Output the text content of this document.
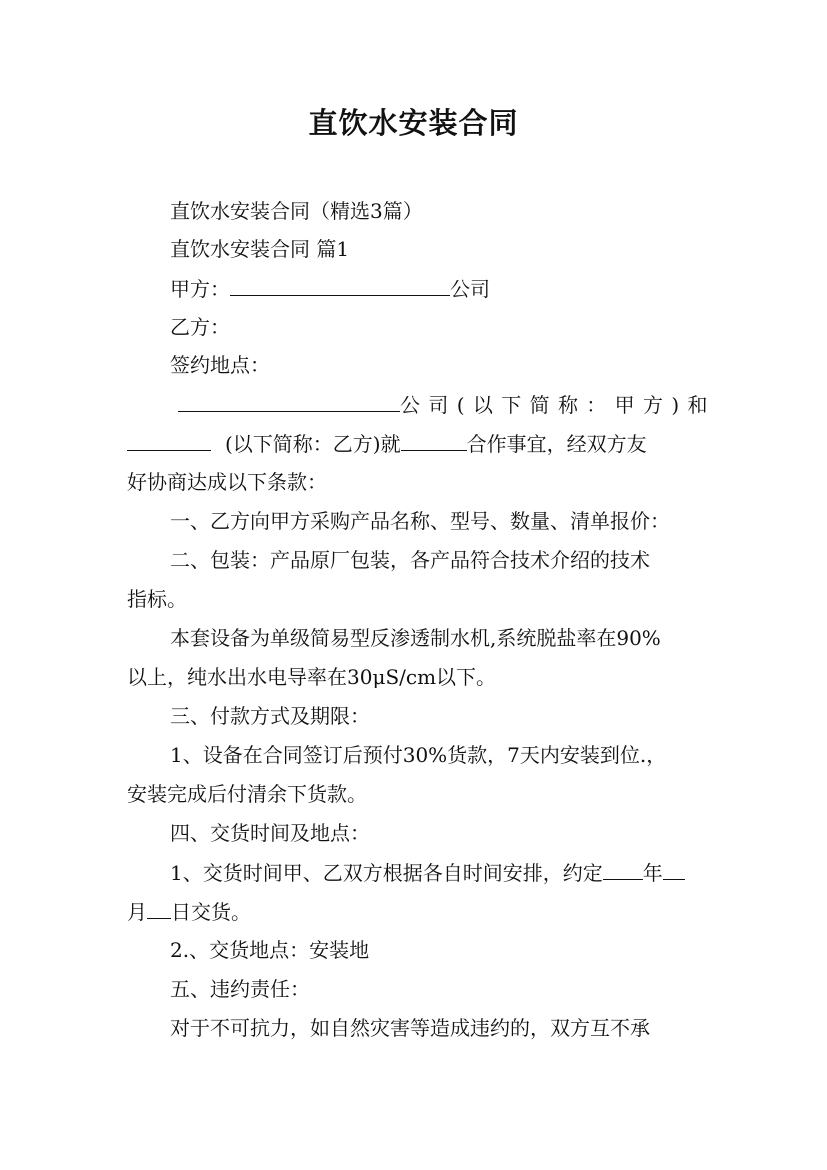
直饮水安装合同
直饮水安装合同（精选3篇）
直饮水安装合同 篇1
甲方：	公司
乙方：
签约地点：
公 司 ( 以 下 简 称 ： 甲 方 ) 和
(以下简称：乙方)就	合作事宜，经双方友
好协商达成以下条款：
一、乙方向甲方采购产品名称、型号、数量、清单报价：
二、包装：产品原厂包装，各产品符合技术介绍的技术
指标。
本套设备为单级简易型反渗透制水机,系统脱盐率在90%
以上，纯水出水电导率在30μS/cm以下。
三、付款方式及期限：
1、设备在合同签订后预付30%货款，7天内安装到位.，
安装完成后付清余下货款。
四、交货时间及地点：
1、交货时间甲、乙双方根据各自时间安排，约定 年
月 日交货。
2.、交货地点：安装地
五、违约责任：
对于不可抗力，如自然灾害等造成违约的，双方互不承
